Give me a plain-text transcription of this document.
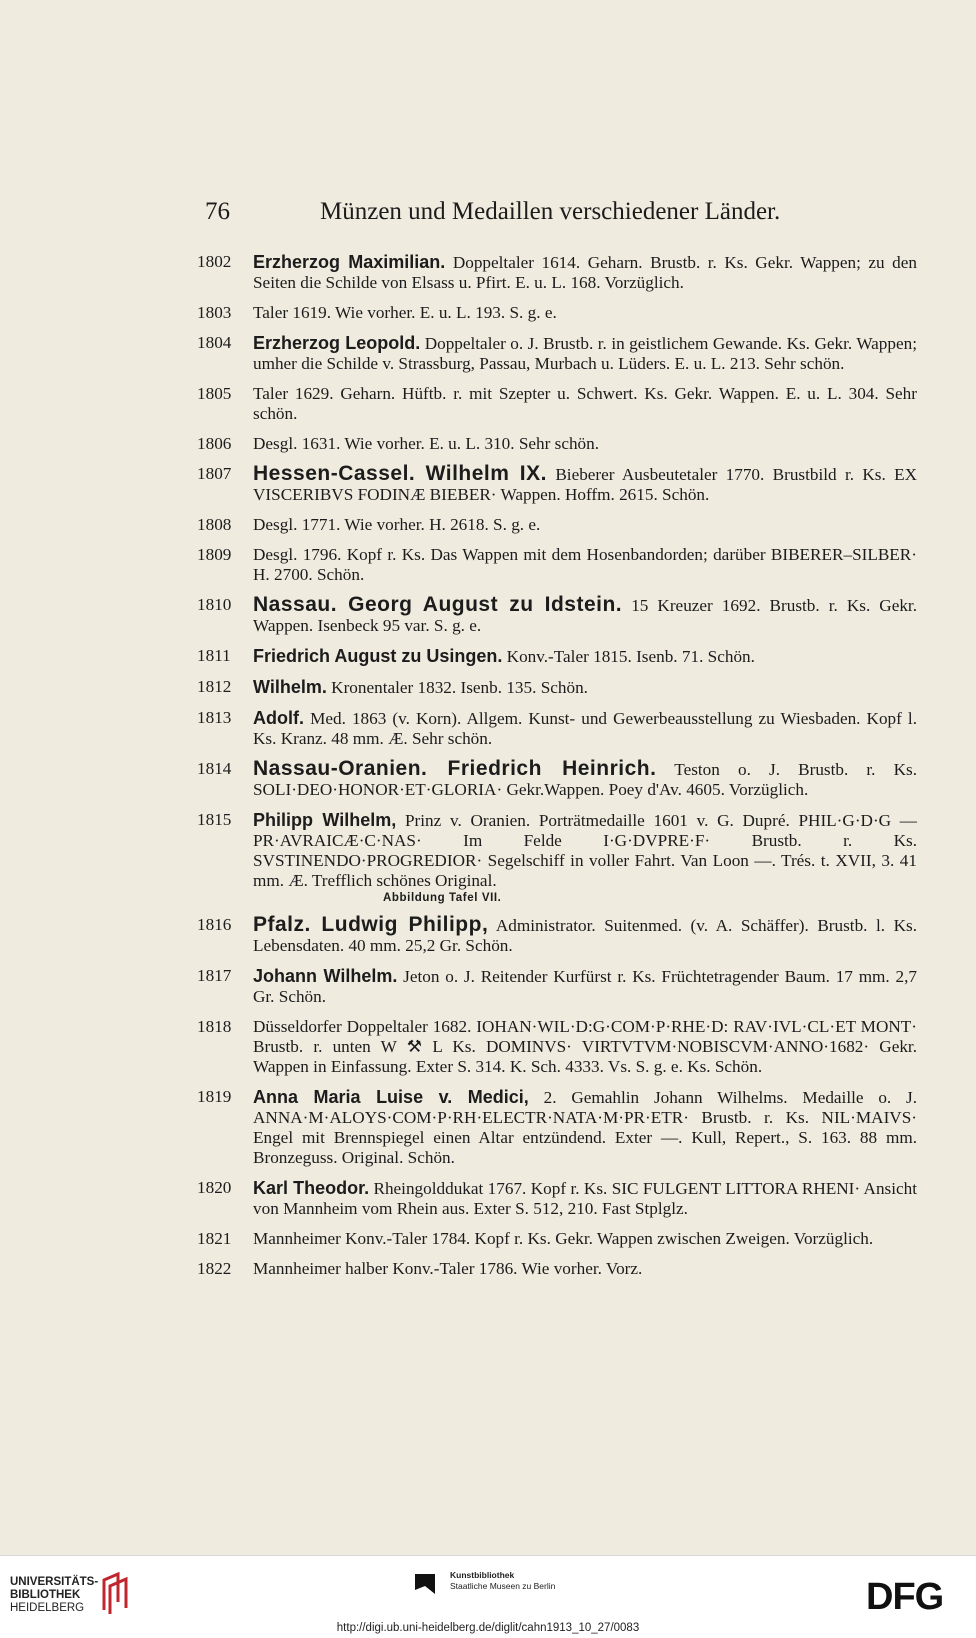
76	Münzen und Medaillen verschiedener Länder.
1802 Erzherzog Maximilian. Doppeltaler 1614. Geharn. Brustb. r. Ks. Gekr. Wappen; zu den Seiten die Schilde von Elsass u. Pfirt. E. u. L. 168. Vorzüglich.
1803 Taler 1619. Wie vorher. E. u. L. 193. S. g. e.
1804 Erzherzog Leopold. Doppeltaler o. J. Brustb. r. in geistlichem Gewande. Ks. Gekr. Wappen; umher die Schilde v. Strassburg, Passau, Murbach u. Lüders. E. u. L. 213. Sehr schön.
1805 Taler 1629. Geharn. Hüftb. r. mit Szepter u. Schwert. Ks. Gekr. Wappen. E. u. L. 304. Sehr schön.
1806 Desgl. 1631. Wie vorher. E. u. L. 310. Sehr schön.
1807 Hessen-Cassel. Wilhelm IX. Bieberer Ausbeutetaler 1770. Brustbild r. Ks. EX VISCERIBVS FODINÆ BIEBER· Wappen. Hoffm. 2615. Schön.
1808 Desgl. 1771. Wie vorher. H. 2618. S. g. e.
1809 Desgl. 1796. Kopf r. Ks. Das Wappen mit dem Hosenbandorden; darüber BIBERER–SILBER· H. 2700. Schön.
1810 Nassau. Georg August zu Idstein. 15 Kreuzer 1692. Brustb. r. Ks. Gekr. Wappen. Isenbeck 95 var. S. g. e.
1811 Friedrich August zu Usingen. Konv.-Taler 1815. Isenb. 71. Schön.
1812 Wilhelm. Kronentaler 1832. Isenb. 135. Schön.
1813 Adolf. Med. 1863 (v. Korn). Allgem. Kunst- und Gewerbeausstellung zu Wiesbaden. Kopf l. Ks. Kranz. 48 mm. Æ. Sehr schön.
1814 Nassau-Oranien. Friedrich Heinrich. Teston o. J. Brustb. r. Ks. SOLI·DEO·HONOR·ET·GLORIA· Gekr.Wappen. Poey d'Av. 4605. Vorzüglich.
1815 Philipp Wilhelm, Prinz v. Oranien. Porträtmedaille 1601 v. G. Dupré. PHIL·G·D·G — PR·AVRAICÆ·C·NAS· Im Felde I·G·DVPRE·F· Brustb. r. Ks. SVSTINENDO·PROGREDIOR· Segelschiff in voller Fahrt. Van Loon —. Trés. t. XVII, 3. 41 mm. Æ. Trefflich schönes Original.
Abbildung Tafel VII.
1816 Pfalz. Ludwig Philipp, Administrator. Suitenmed. (v. A. Schäffer). Brustb. l. Ks. Lebensdaten. 40 mm. 25,2 Gr. Schön.
1817 Johann Wilhelm. Jeton o. J. Reitender Kurfürst r. Ks. Früchtetragender Baum. 17 mm. 2,7 Gr. Schön.
1818 Düsseldorfer Doppeltaler 1682. IOHAN·WIL·D:G·COM·P·RHE·D: RAV·IVL·CL·ET MONT· Brustb. r. unten W ⚒ L Ks. DOMINVS· VIRTVTVM·NOBISCVM·ANNO·1682· Gekr. Wappen in Einfassung. Exter S. 314. K. Sch. 4333. Vs. S. g. e. Ks. Schön.
1819 Anna Maria Luise v. Medici, 2. Gemahlin Johann Wilhelms. Medaille o. J. ANNA·M·ALOYS·COM·P·RH·ELECTR·NATA·M·PR·ETR· Brustb. r. Ks. NIL·MAIVS· Engel mit Brennspiegel einen Altar entzündend. Exter —. Kull, Repert., S. 163. 88 mm. Bronzeguss. Original. Schön.
1820 Karl Theodor. Rheingolddukat 1767. Kopf r. Ks. SIC FULGENT LITTORA RHENI· Ansicht von Mannheim vom Rhein aus. Exter S. 512, 210. Fast Stplglz.
1821 Mannheimer Konv.-Taler 1784. Kopf r. Ks. Gekr. Wappen zwischen Zweigen. Vorzüglich.
1822 Mannheimer halber Konv.-Taler 1786. Wie vorher. Vorz.
UNIVERSITÄTS-
BIBLIOTHEK
HEIDELBERG
Kunstbibliothek
Staatliche Museen zu Berlin	DFG
http://digi.ub.uni-heidelberg.de/diglit/cahn1913_10_27/0083
